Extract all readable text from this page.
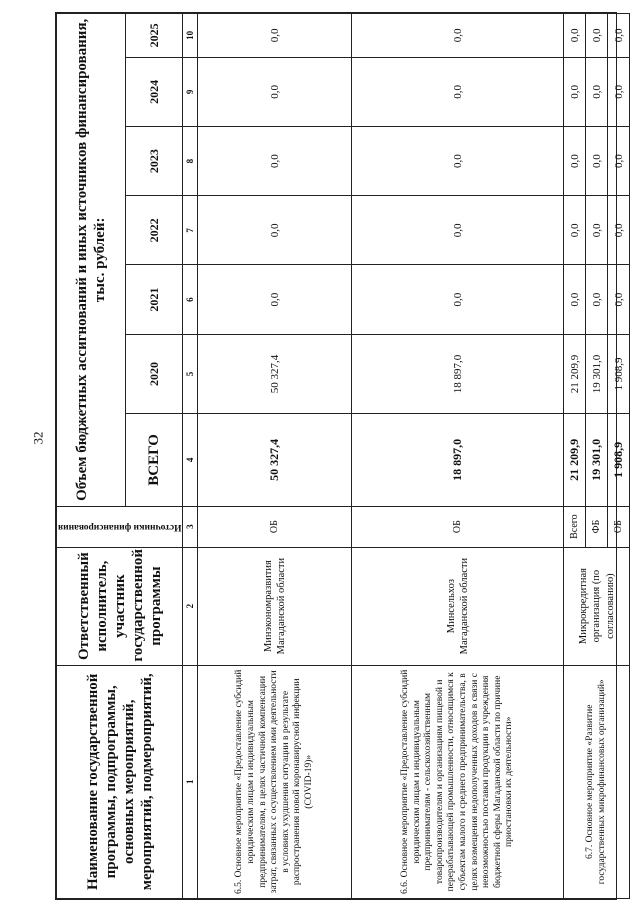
32
Наименование государственной программы, подпрограммы, основных мероприятий, мероприятий, подмероприятий,	Ответственный исполнитель, участник государственной программы	Источники финансирования	Объем бюджетных ассигнований и иных источников финансирования, тыс. рублей:						
			ВСЕГО	2020	2021	2022	2023	2024	2025
1	2	3	4	5	6	7	8	9	10
6.5. Основное мероприятие «Предоставление субсидий юридическим лицам и индивидуальным предпринимателям, в целях частичной компенсации затрат, связанных с осуществлением ими деятельности в условиях ухудшения ситуации в результате распространения новой коронавирусной инфекции (COVID-19)»	Минэкономразвития Магаданской области	ОБ	50 327,4	50 327,4	0,0	0,0	0,0	0,0	0,0
6.6. Основное мероприятие «Предоставление субсидий юридическим лицам и индивидуальным предпринимателям - сельскохозяйственным товаропроизводителям и организациям пищевой и перерабатывающей промышленности, относящимся к субъектам малого и среднего предпринимательства, в целях возмещения недополученных доходов в связи с невозможностью поставки продукции в учреждения бюджетной сферы Магаданской области по причине приостановки их деятельности»	Минсельхоз Магаданской области	ОБ	18 897,0	18 897,0	0,0	0,0	0,0	0,0	0,0
6.7. Основное мероприятие «Развитие государственных микрофинансовых организаций»	Микрокредитная организация (по согласованию)	Всего	21 209,9	21 209,9	0,0	0,0	0,0	0,0	0,0
		ФБ	19 301,0	19 301,0	0,0	0,0	0,0	0,0	0,0
		ОБ	1 908,9	1 908,9	0,0	0,0	0,0	0,0	0,0
